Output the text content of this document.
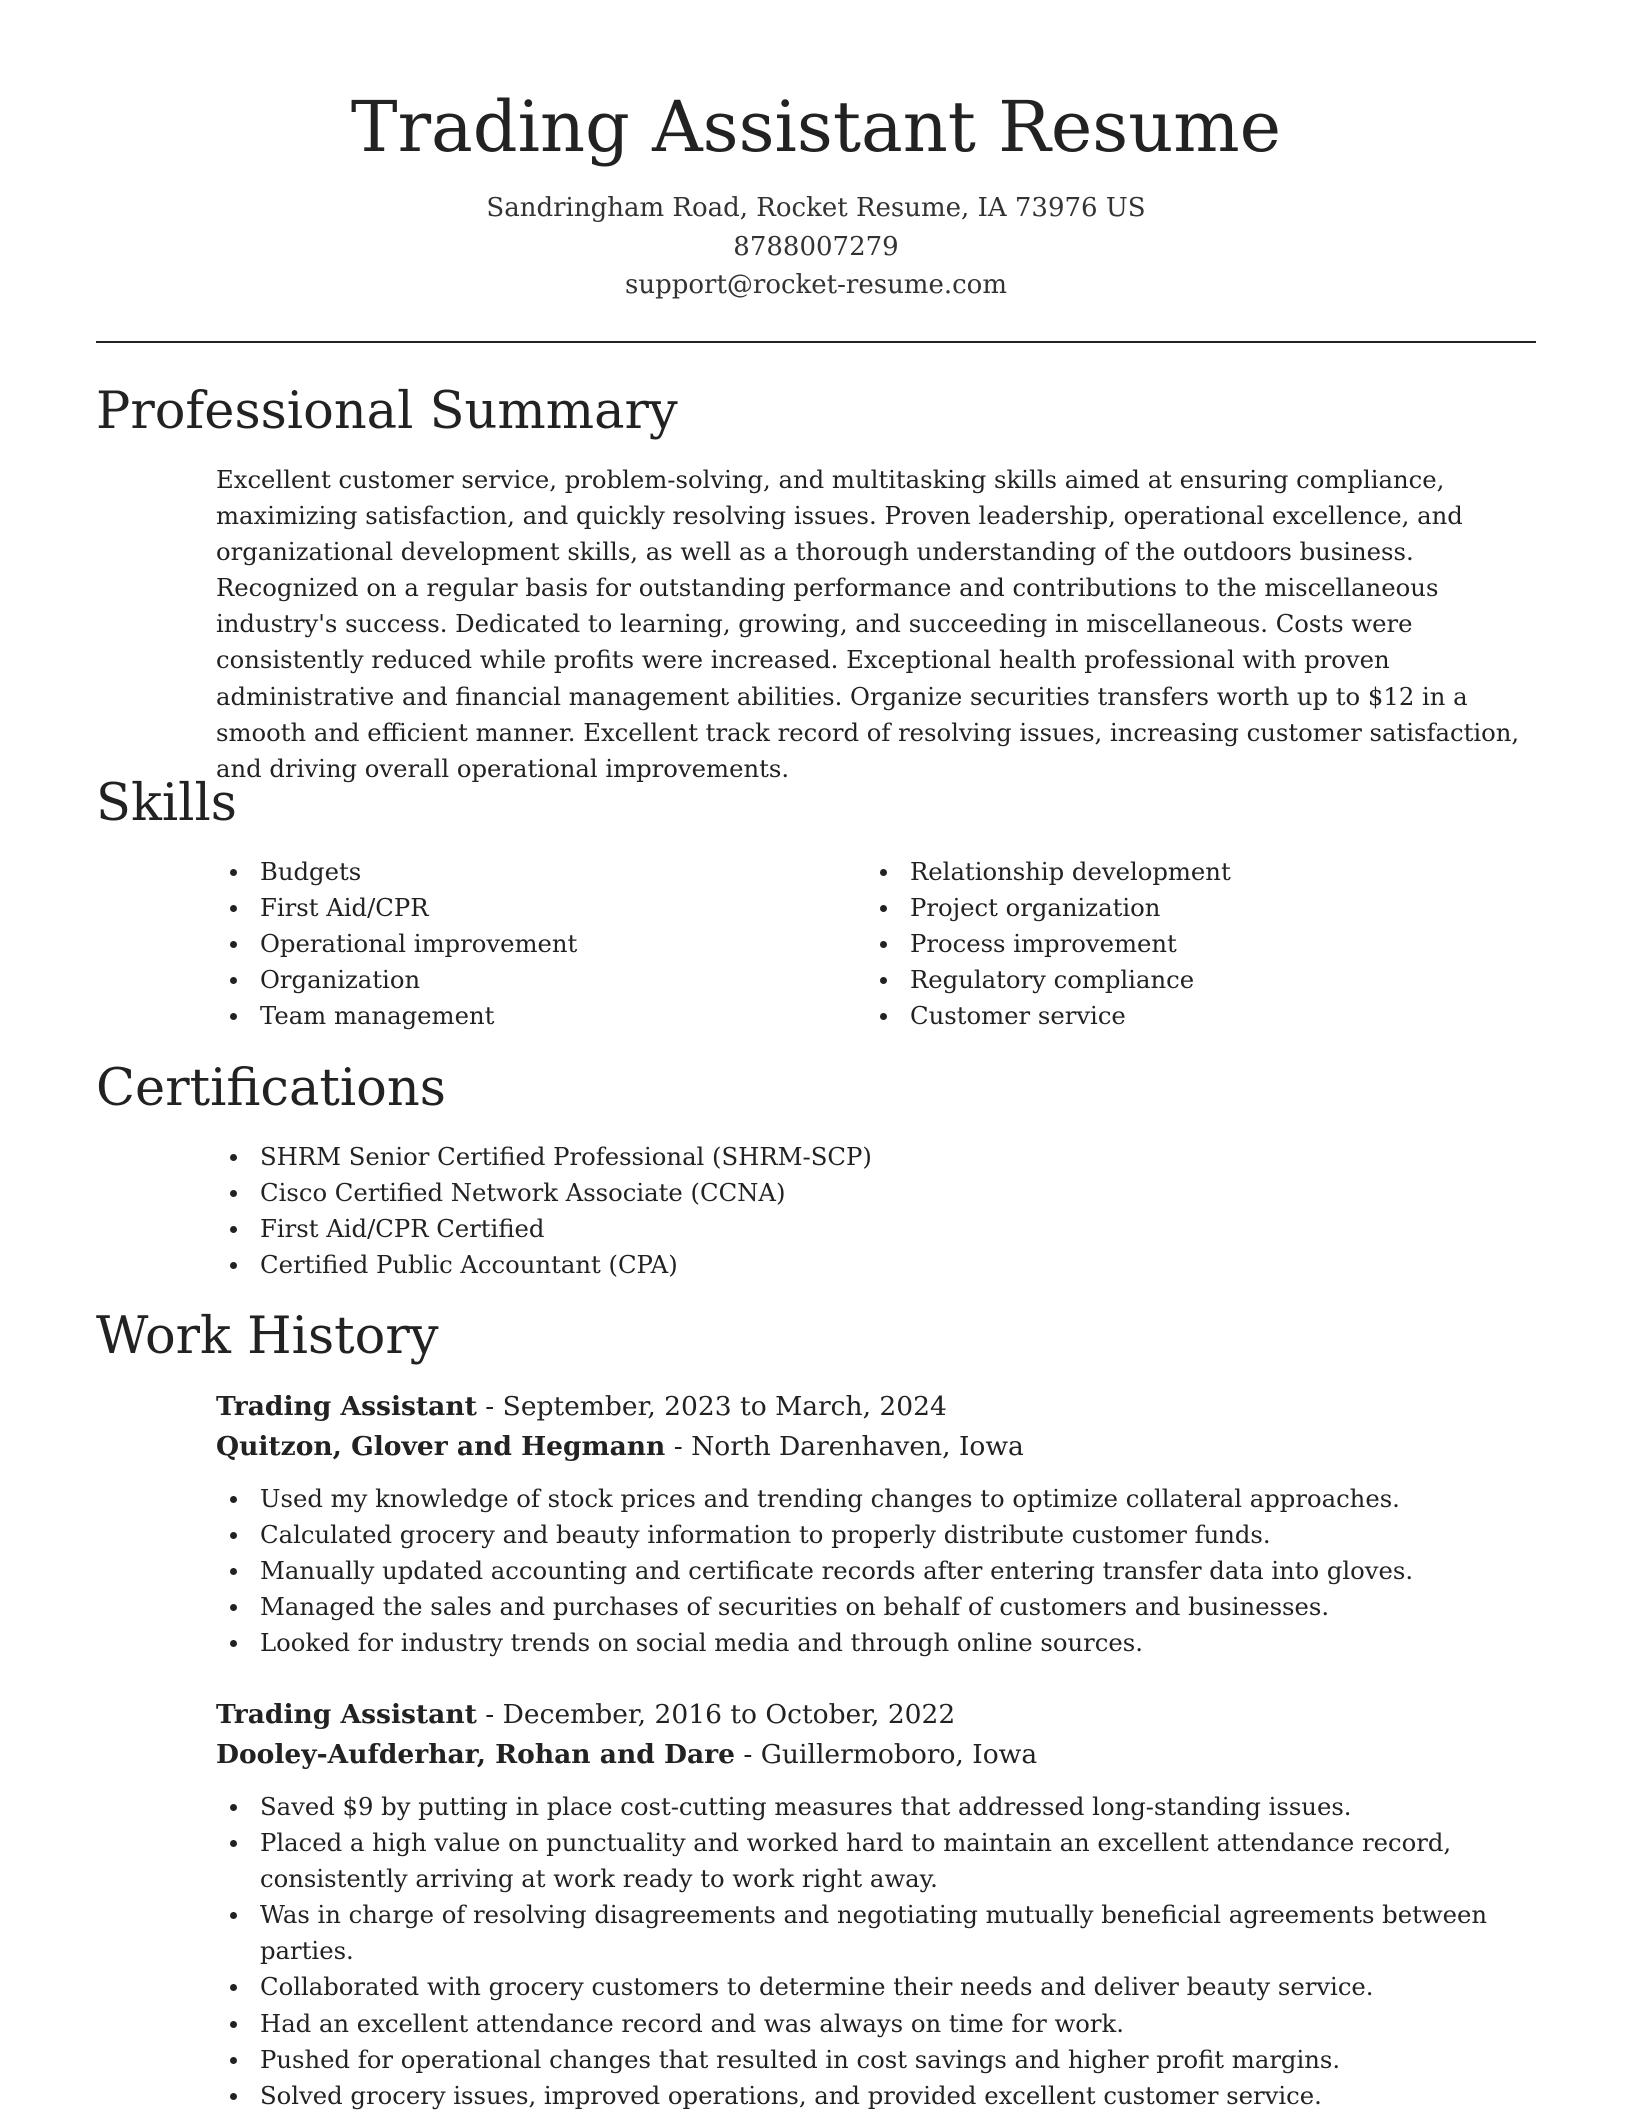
Trading Assistant Resume

Sandringham Road, Rocket Resume, IA 73976 US

8788007279

support@rocket-resume.com

Professional Summary

Excellent customer service, problem-solving, and multitasking skills aimed at ensuring compliance, maximizing satisfaction, and quickly resolving issues. Proven leadership, operational excellence, and organizational development skills, as well as a thorough understanding of the outdoors business. Recognized on a regular basis for outstanding performance and contributions to the miscellaneous industry's success. Dedicated to learning, growing, and succeeding in miscellaneous. Costs were consistently reduced while profits were increased. Exceptional health professional with proven administrative and financial management abilities. Organize securities transfers worth up to $12 in a smooth and efficient manner. Excellent track record of resolving issues, increasing customer satisfaction, and driving overall operational improvements.

Skills
Budgets
First Aid/CPR
Operational improvement
Organization
Team management
Relationship development
Project organization
Process improvement
Regulatory compliance
Customer service
Certifications
SHRM Senior Certified Professional (SHRM-SCP)
Cisco Certified Network Associate (CCNA)
First Aid/CPR Certified
Certified Public Accountant (CPA)
Work History

Trading Assistant - September, 2023 to March, 2024

Quitzon, Glover and Hegmann - North Darenhaven, Iowa

Used my knowledge of stock prices and trending changes to optimize collateral approaches.
Calculated grocery and beauty information to properly distribute customer funds.
Manually updated accounting and certificate records after entering transfer data into gloves.
Managed the sales and purchases of securities on behalf of customers and businesses.
Looked for industry trends on social media and through online sources.

Trading Assistant - December, 2016 to October, 2022

Dooley-Aufderhar, Rohan and Dare - Guillermoboro, Iowa

Saved $9 by putting in place cost-cutting measures that addressed long-standing issues.
Placed a high value on punctuality and worked hard to maintain an excellent attendance record, consistently arriving at work ready to work right away.
Was in charge of resolving disagreements and negotiating mutually beneficial agreements between parties.
Collaborated with grocery customers to determine their needs and deliver beauty service.
Had an excellent attendance record and was always on time for work.
Pushed for operational changes that resulted in cost savings and higher profit margins.
Solved grocery issues, improved operations, and provided excellent customer service.
